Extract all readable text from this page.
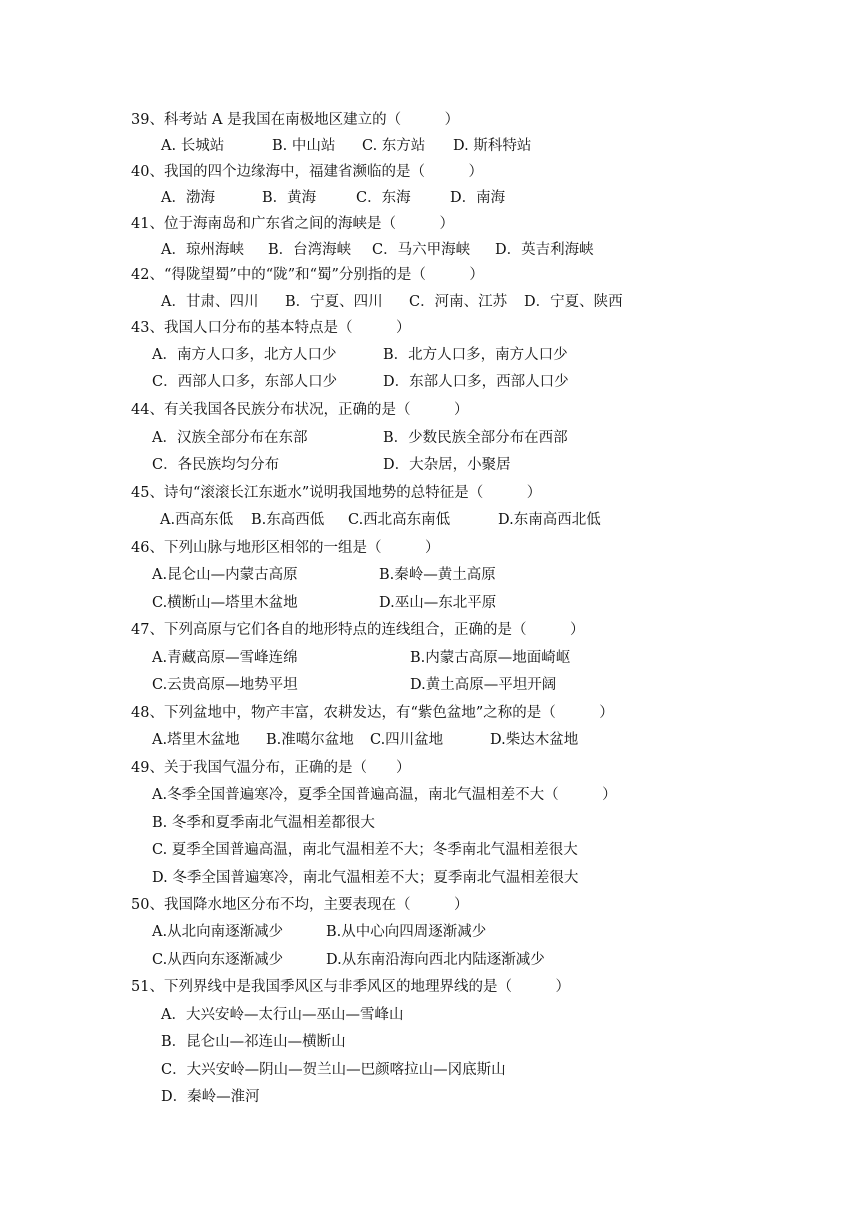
39、科考站 A 是我国在南极地区建立的（　　　）
A. 长城站	B. 中山站 C. 东方站 D. 斯科特站
40、我国的四个边缘海中，福建省濒临的是（　　　）
A．渤海	B．黄海	C．东海	D．南海
41、位于海南岛和广东省之间的海峡是（　　　）
A．琼州海峡 B．台湾海峡 C．马六甲海峡 D．英吉利海峡
42、“得陇望蜀”中的“陇”和“蜀”分别指的是（　　　）
A．甘肃、四川 B．宁夏、四川 C．河南、江苏 D．宁夏、陕西
43、我国人口分布的基本特点是（　　　）
A．南方人口多，北方人口少	B．北方人口多，南方人口少
C．西部人口多，东部人口少	D．东部人口多，西部人口少
44、有关我国各民族分布状况，正确的是（　　　）
A．汉族全部分布在东部	B．少数民族全部分布在西部
C．各民族均匀分布	D．大杂居，小聚居
45、诗句“滚滚长江东逝水”说明我国地势的总特征是（　　　）
A.西高东低 B.东高西低 C.西北高东南低	D.东南高西北低
46、下列山脉与地形区相邻的一组是（　　　）
A.昆仑山—内蒙古高原	B.秦岭—黄土高原
C.横断山—塔里木盆地	D.巫山—东北平原
47、下列高原与它们各自的地形特点的连线组合，正确的是（　　　）
A.青藏高原—雪峰连绵	B.内蒙古高原—地面崎岖
C.云贵高原—地势平坦	D.黄土高原—平坦开阔
48、下列盆地中，物产丰富，农耕发达，有“紫色盆地”之称的是（　　　）
A.塔里木盆地 B.准噶尔盆地 C.四川盆地	D.柴达木盆地
49、关于我国气温分布，正确的是（　　）
A.冬季全国普遍寒冷，夏季全国普遍高温，南北气温相差不大（　　　）
B. 冬季和夏季南北气温相差都很大
C. 夏季全国普遍高温，南北气温相差不大；冬季南北气温相差很大
D. 冬季全国普遍寒冷，南北气温相差不大；夏季南北气温相差很大
50、我国降水地区分布不均，主要表现在（　　　）
A.从北向南逐渐减少	B.从中心向四周逐渐减少
C.从西向东逐渐减少	D.从东南沿海向西北内陆逐渐减少
51、下列界线中是我国季风区与非季风区的地理界线的是（　　　）
A．大兴安岭—太行山—巫山—雪峰山
B．昆仑山—祁连山—横断山
C．大兴安岭—阴山—贺兰山—巴颜喀拉山—冈底斯山
D．秦岭—淮河
